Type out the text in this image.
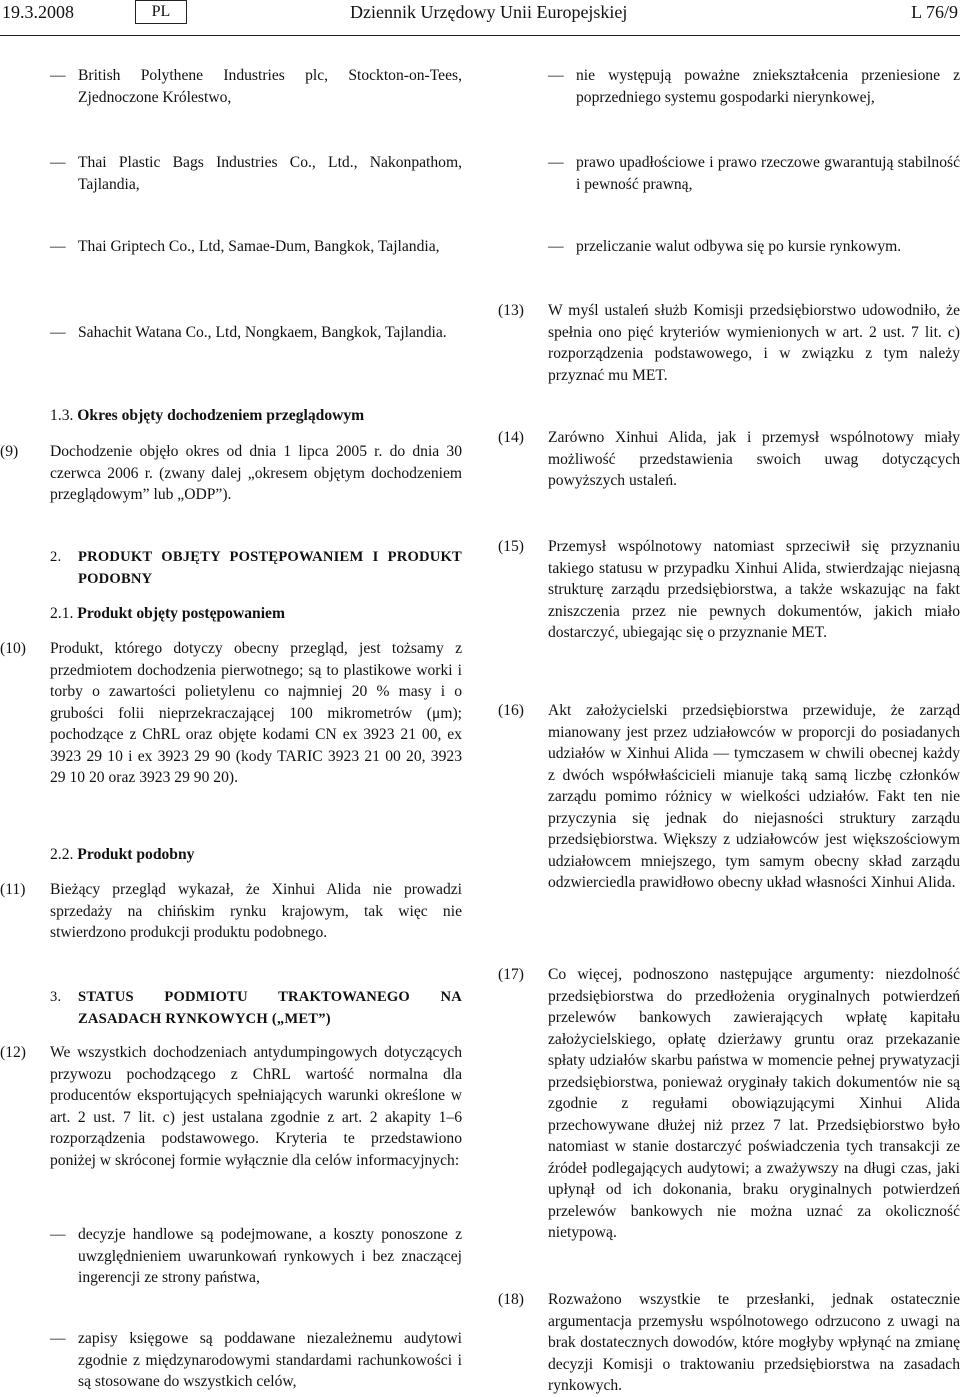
19.3.2008	PL	Dziennik Urzędowy Unii Europejskiej	L 76/9
— British Polythene Industries plc, Stockton-on-Tees, Zjednoczone Królestwo,
— Thai Plastic Bags Industries Co., Ltd., Nakonpathom, Tajlandia,
— Thai Griptech Co., Ltd, Samae-Dum, Bangkok, Tajlandia,
— Sahachit Watana Co., Ltd, Nongkaem, Bangkok, Tajlandia.
1.3. Okres objęty dochodzeniem przeglądowym
(9) Dochodzenie objęło okres od dnia 1 lipca 2005 r. do dnia 30 czerwca 2006 r. (zwany dalej „okresem objętym dochodzeniem przeglądowym” lub „ODP”).
2. PRODUKT OBJĘTY POSTĘPOWANIEM I PRODUKT PODOBNY
2.1. Produkt objęty postępowaniem
(10) Produkt, którego dotyczy obecny przegląd, jest tożsamy z przedmiotem dochodzenia pierwotnego; są to plastikowe worki i torby o zawartości polietylenu co najmniej 20 % masy i o grubości folii nieprzekraczającej 100 mikrometrów (μm); pochodzące z ChRL oraz objęte kodami CN ex 3923 21 00, ex 3923 29 10 i ex 3923 29 90 (kody TARIC 3923 21 00 20, 3923 29 10 20 oraz 3923 29 90 20).
2.2. Produkt podobny
(11) Bieżący przegląd wykazał, że Xinhui Alida nie prowadzi sprzedaży na chińskim rynku krajowym, tak więc nie stwierdzono produkcji produktu podobnego.
3. STATUS PODMIOTU TRAKTOWANEGO NA ZASADACH RYNKOWYCH („MET”)
(12) We wszystkich dochodzeniach antydumpingowych dotyczących przywozu pochodzącego z ChRL wartość normalna dla producentów eksportujących spełniających warunki określone w art. 2 ust. 7 lit. c) jest ustalana zgodnie z art. 2 akapity 1–6 rozporządzenia podstawowego. Kryteria te przedstawiono poniżej w skróconej formie wyłącznie dla celów informacyjnych:
— decyzje handlowe są podejmowane, a koszty ponoszone z uwzględnieniem uwarunkowań rynkowych i bez znaczącej ingerencji ze strony państwa,
— zapisy księgowe są poddawane niezależnemu audytowi zgodnie z międzynarodowymi standardami rachunkowości i są stosowane do wszystkich celów,
— nie występują poważne zniekształcenia przeniesione z poprzedniego systemu gospodarki nierynkowej,
— prawo upadłościowe i prawo rzeczowe gwarantują stabilność i pewność prawną,
— przeliczanie walut odbywa się po kursie rynkowym.
(13) W myśl ustaleń służb Komisji przedsiębiorstwo udowodniło, że spełnia ono pięć kryteriów wymienionych w art. 2 ust. 7 lit. c) rozporządzenia podstawowego, i w związku z tym należy przyznać mu MET.
(14) Zarówno Xinhui Alida, jak i przemysł wspólnotowy miały możliwość przedstawienia swoich uwag dotyczących powyższych ustaleń.
(15) Przemysł wspólnotowy natomiast sprzeciwił się przyznaniu takiego statusu w przypadku Xinhui Alida, stwierdzając niejasną strukturę zarządu przedsiębiorstwa, a także wskazując na fakt zniszczenia przez nie pewnych dokumentów, jakich miało dostarczyć, ubiegając się o przyznanie MET.
(16) Akt założycielski przedsiębiorstwa przewiduje, że zarząd mianowany jest przez udziałowców w proporcji do posiadanych udziałów w Xinhui Alida — tymczasem w chwili obecnej każdy z dwóch współwłaścicieli mianuje taką samą liczbę członków zarządu pomimo różnicy w wielkości udziałów. Fakt ten nie przyczynia się jednak do niejasności struktury zarządu przedsiębiorstwa. Większy z udziałowców jest większościowym udziałowcem mniejszego, tym samym obecny skład zarządu odzwierciedla prawidłowo obecny układ własności Xinhui Alida.
(17) Co więcej, podnoszono następujące argumenty: niezdolność przedsiębiorstwa do przedłożenia oryginalnych potwierdzeń przelewów bankowych zawierających wpłatę kapitału założycielskiego, opłatę dzierżawy gruntu oraz przekazanie spłaty udziałów skarbu państwa w momencie pełnej prywatyzacji przedsiębiorstwa, ponieważ oryginały takich dokumentów nie są zgodnie z regułami obowiązującymi Xinhui Alida przechowywane dłużej niż przez 7 lat. Przedsiębiorstwo było natomiast w stanie dostarczyć poświadczenia tych transakcji ze źródeł podlegających audytowi; a zważywszy na długi czas, jaki upłynął od ich dokonania, braku oryginalnych potwierdzeń przelewów bankowych nie można uznać za okoliczność nietypową.
(18) Rozważono wszystkie te przesłanki, jednak ostatecznie argumentacja przemysłu wspólnotowego odrzucono z uwagi na brak dostatecznych dowodów, które mogłyby wpłynąć na zmianę decyzji Komisji o traktowaniu przedsiębiorstwa na zasadach rynkowych.
